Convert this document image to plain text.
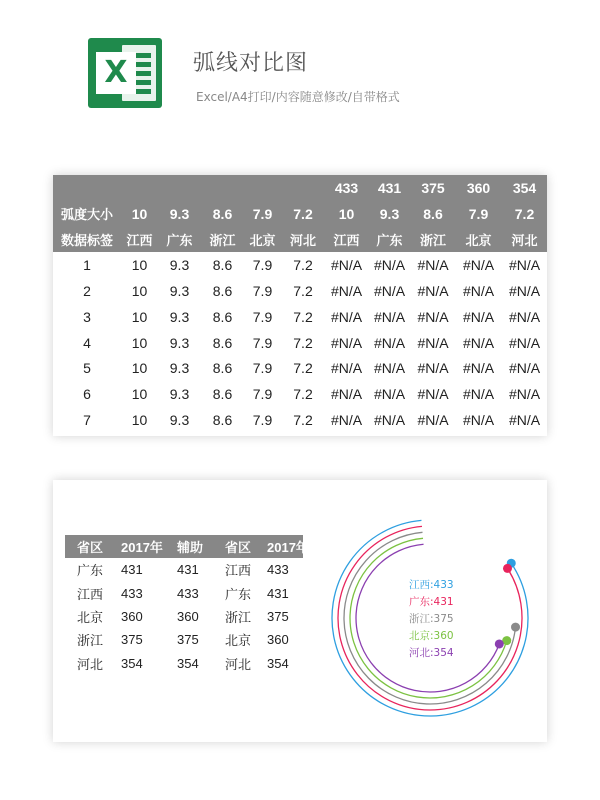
X	弧线对比图
Excel/A4打印/内容随意修改/自带格式
						433	431	375	360	354
弧度大小	10	9.3	8.6	7.9	7.2	10	9.3	8.6	7.9	7.2
数据标签	江西	广东	浙江	北京	河北	江西	广东	浙江	北京	河北
1	10	9.3	8.6	7.9	7.2	#N/A	#N/A	#N/A	#N/A	#N/A
2	10	9.3	8.6	7.9	7.2	#N/A	#N/A	#N/A	#N/A	#N/A
3	10	9.3	8.6	7.9	7.2	#N/A	#N/A	#N/A	#N/A	#N/A
4	10	9.3	8.6	7.9	7.2	#N/A	#N/A	#N/A	#N/A	#N/A
5	10	9.3	8.6	7.9	7.2	#N/A	#N/A	#N/A	#N/A	#N/A
6	10	9.3	8.6	7.9	7.2	#N/A	#N/A	#N/A	#N/A	#N/A
7	10	9.3	8.6	7.9	7.2	#N/A	#N/A	#N/A	#N/A	#N/A
省区	2017年	辅助	省区	2017年
广东	431	431	江西	433
江西	433	433	广东	431
北京	360	360	浙江	375
浙江	375	375	北京	360
河北	354	354	河北	354
江西:433
广东:431
浙江:375
北京:360
河北:354
